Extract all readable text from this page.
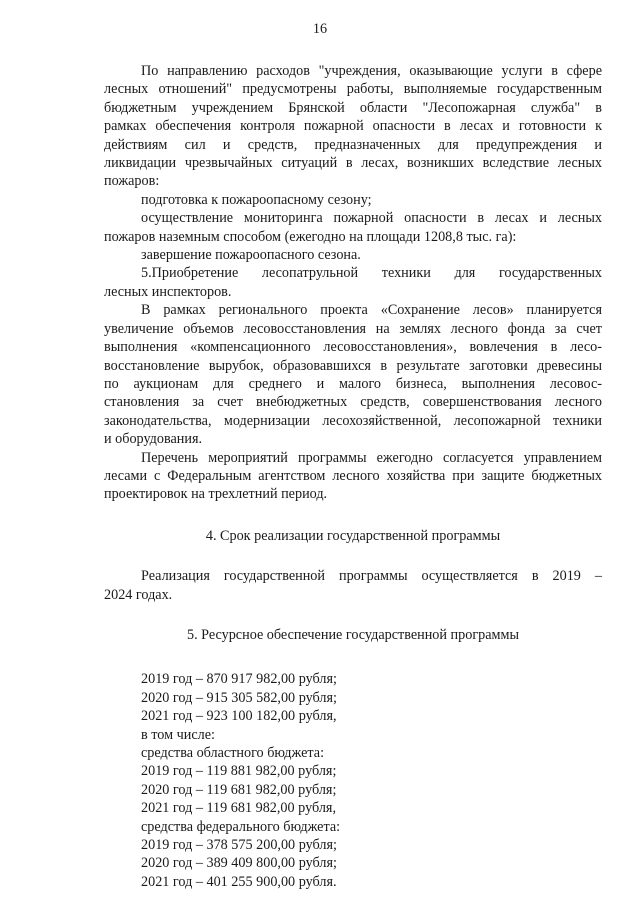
16
По направлению расходов "учреждения, оказывающие услуги в сфере
лесных отношений" предусмотрены работы, выполняемые государственным
бюджетным учреждением Брянской области "Лесопожарная служба" в
рамках обеспечения контроля пожарной опасности в лесах и готовности к
действиям сил и средств, предназначенных для предупреждения и
ликвидации чрезвычайных ситуаций в лесах, возникших вследствие лесных
пожаров:
подготовка к пожароопасному сезону;
осуществление мониторинга пожарной опасности в лесах и лесных
пожаров наземным способом (ежегодно на площади 1208,8 тыс. га):
завершение пожароопасного сезона.
5.Приобретение лесопатрульной техники для государственных
лесных инспекторов.
В рамках регионального проекта «Сохранение лесов» планируется
увеличение объемов лесовосстановления на землях лесного фонда за счет
выполнения «компенсационного лесовосстановления», вовлечения в лесо-
восстановление вырубок, образовавшихся в результате заготовки древесины
по аукционам для среднего и малого бизнеса, выполнения лесовос-
становления за счет внебюджетных средств, совершенствования лесного
законодательства, модернизации лесохозяйственной, лесопожарной техники
и оборудования.
Перечень мероприятий программы ежегодно согласуется управлением
лесами с Федеральным агентством лесного хозяйства при защите бюджетных
проектировок на трехлетний период.
4. Срок реализации государственной программы
Реализация государственной программы осуществляется в 2019 –
2024 годах.
5. Ресурсное обеспечение государственной программы
2019 год – 870 917 982,00 рубля;
2020 год – 915 305 582,00 рубля;
2021 год – 923 100 182,00 рубля,
в том числе:
средства областного бюджета:
2019 год – 119 881 982,00 рубля;
2020 год – 119 681 982,00 рубля;
2021 год – 119 681 982,00 рубля,
средства федерального бюджета:
2019 год – 378 575 200,00 рубля;
2020 год – 389 409 800,00 рубля;
2021 год – 401 255 900,00 рубля.
